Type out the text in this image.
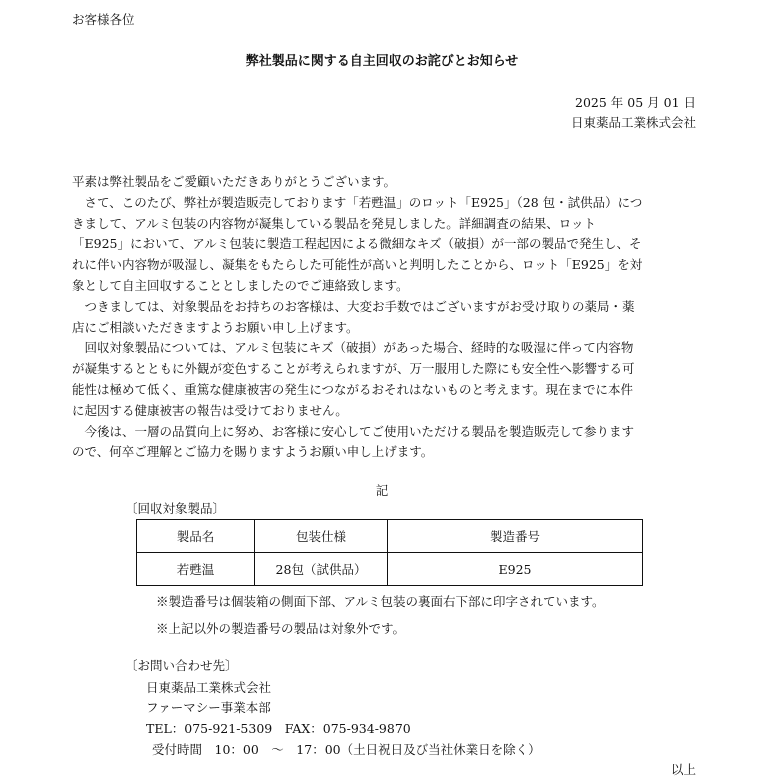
お客様各位
弊社製品に関する自主回収のお詫びとお知らせ
2025 年 05 月 01 日
日東薬品工業株式会社

平素は弊社製品をご愛顧いただきありがとうございます。

　さて、このたび、弊社が製造販売しております「若甦温」のロット「E925」（28 包・試供品）につ

きまして、アルミ包装の内容物が凝集している製品を発見しました。詳細調査の結果、ロット

「E925」において、アルミ包装に製造工程起因による微細なキズ（破損）が一部の製品で発生し、そ

れに伴い内容物が吸湿し、凝集をもたらした可能性が高いと判明したことから、ロット「E925」を対

象として自主回収することとしましたのでご連絡致します。

　つきましては、対象製品をお持ちのお客様は、大変お手数ではございますがお受け取りの薬局・薬

店にご相談いただきますようお願い申し上げます。

　回収対象製品については、アルミ包装にキズ（破損）があった場合、経時的な吸湿に伴って内容物

が凝集するとともに外観が変色することが考えられますが、万一服用した際にも安全性へ影響する可

能性は極めて低く、重篤な健康被害の発生につながるおそれはないものと考えます。現在までに本件

に起因する健康被害の報告は受けておりません。

　今後は、一層の品質向上に努め、お客様に安心してご使用いただける製品を製造販売して参ります

ので、何卒ご理解とご協力を賜りますようお願い申し上げます。

記
〔回収対象製品〕
製品名	包装仕様	製造番号
若甦温	28包（試供品）	E925
※製造番号は個装箱の側面下部、アルミ包装の裏面右下部に印字されています。
※上記以外の製造番号の製品は対象外です。
〔お問い合わせ先〕
日東薬品工業株式会社
ファーマシー事業本部
TEL：075-921-5309　FAX：075-934-9870
受付時間　10：00　～　17：00（土日祝日及び当社休業日を除く）
以上
